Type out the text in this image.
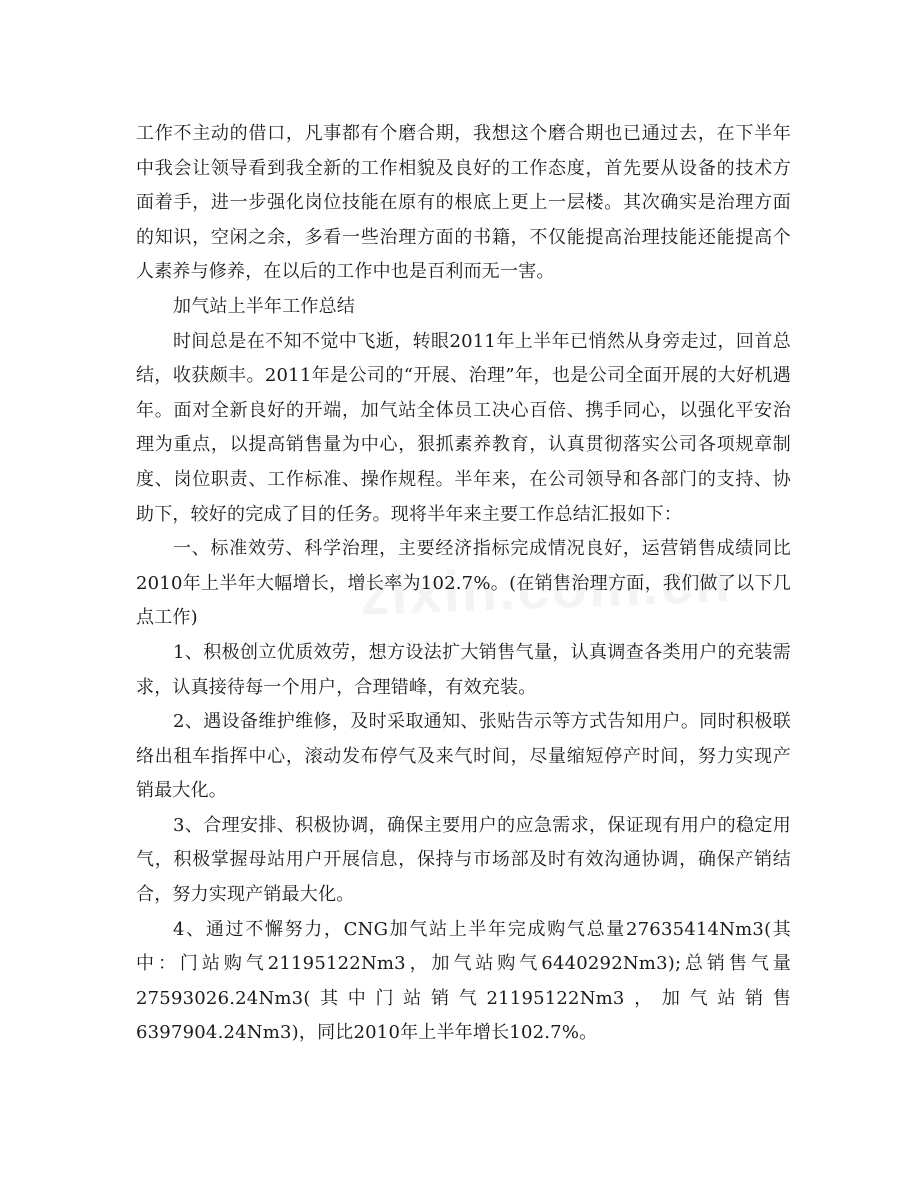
工作不主动的借口，凡事都有个磨合期，我想这个磨合期也已通过去，在下半年中我会让领导看到我全新的工作相貌及良好的工作态度，首先要从设备的技术方面着手，进一步强化岗位技能在原有的根底上更上一层楼。其次确实是治理方面的知识，空闲之余，多看一些治理方面的书籍，不仅能提高治理技能还能提高个人素养与修养，在以后的工作中也是百利而无一害。

加气站上半年工作总结

时间总是在不知不觉中飞逝，转眼2011年上半年已悄然从身旁走过，回首总结，收获颇丰。2011年是公司的“开展、治理”年，也是公司全面开展的大好机遇年。面对全新良好的开端，加气站全体员工决心百倍、携手同心，以强化平安治理为重点，以提高销售量为中心，狠抓素养教育，认真贯彻落实公司各项规章制度、岗位职责、工作标准、操作规程。半年来，在公司领导和各部门的支持、协助下，较好的完成了目的任务。现将半年来主要工作总结汇报如下：

一、标准效劳、科学治理，主要经济指标完成情况良好，运营销售成绩同比2010年上半年大幅增长，增长率为102.7%。(在销售治理方面，我们做了以下几点工作)

1、积极创立优质效劳，想方设法扩大销售气量，认真调查各类用户的充装需求，认真接待每一个用户，合理错峰，有效充装。

2、遇设备维护维修，及时采取通知、张贴告示等方式告知用户。同时积极联络出租车指挥中心，滚动发布停气及来气时间，尽量缩短停产时间，努力实现产销最大化。

3、合理安排、积极协调，确保主要用户的应急需求，保证现有用户的稳定用气，积极掌握母站用户开展信息，保持与市场部及时有效沟通协调，确保产销结合，努力实现产销最大化。

4、通过不懈努力，CNG加气站上半年完成购气总量27635414Nm3(其中：门站购气21195122Nm3，加气站购气6440292Nm3);总销售气量27593026.24Nm3(其中门站销气21195122Nm3，加气站销售6397904.24Nm3)，同比2010年上半年增长102.7%。
